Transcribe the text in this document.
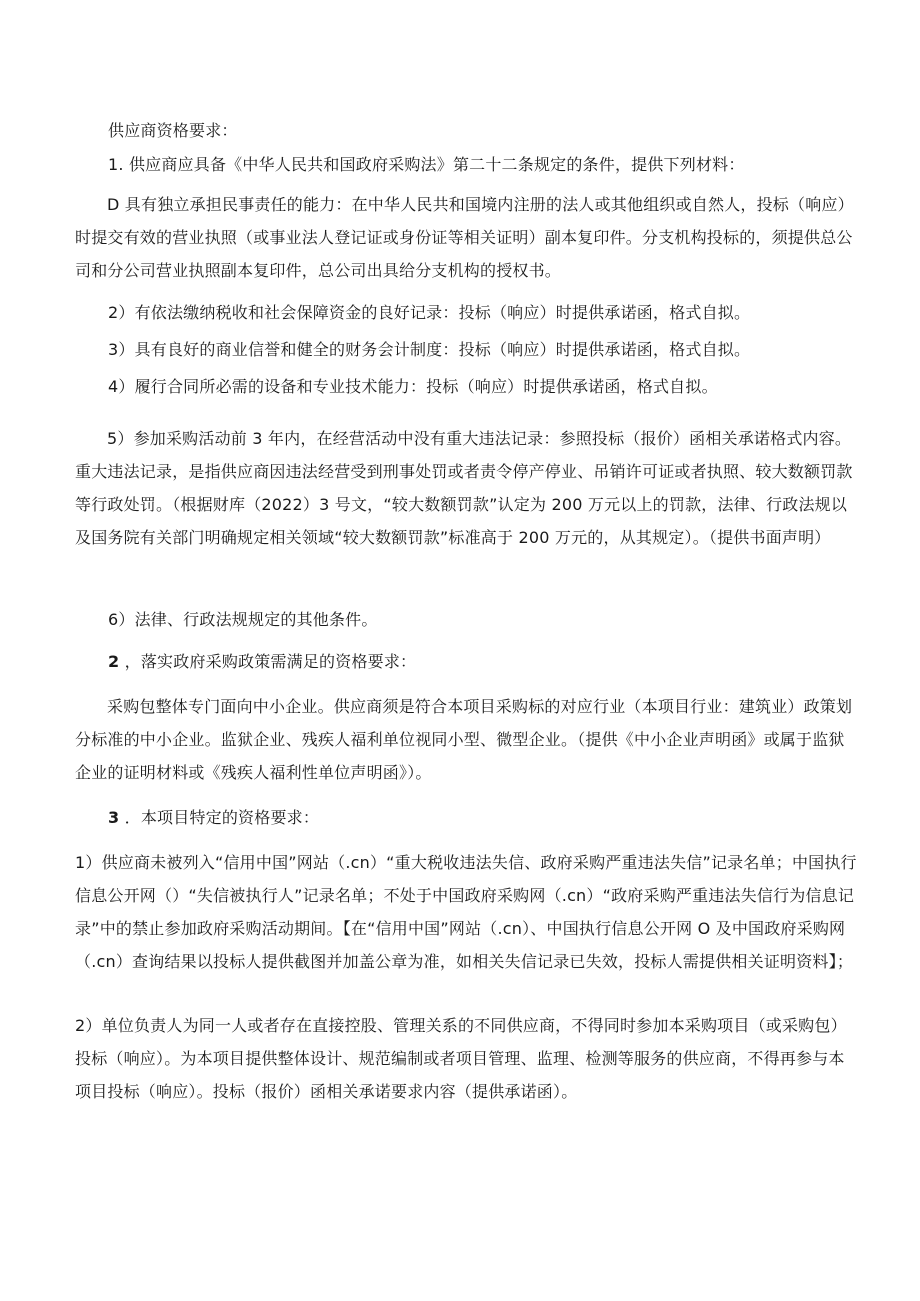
供应商资格要求：
1. 供应商应具备《中华人民共和国政府采购法》第二十二条规定的条件，提供下列材料：
D 具有独立承担民事责任的能力：在中华人民共和国境内注册的法人或其他组织或自然人，投标（响应）时提交有效的营业执照（或事业法人登记证或身份证等相关证明）副本复印件。分支机构投标的，须提供总公司和分公司营业执照副本复印件，总公司出具给分支机构的授权书。
2）有依法缴纳税收和社会保障资金的良好记录：投标（响应）时提供承诺函，格式自拟。
3）具有良好的商业信誉和健全的财务会计制度：投标（响应）时提供承诺函，格式自拟。
4）履行合同所必需的设备和专业技术能力：投标（响应）时提供承诺函，格式自拟。
5）参加采购活动前 3 年内，在经营活动中没有重大违法记录：参照投标（报价）函相关承诺格式内容。重大违法记录，是指供应商因违法经营受到刑事处罚或者责令停产停业、吊销许可证或者执照、较大数额罚款等行政处罚。（根据财库（2022）3 号文，“较大数额罚款”认定为 200 万元以上的罚款，法律、行政法规以及国务院有关部门明确规定相关领域“较大数额罚款”标准高于 200 万元的，从其规定）。（提供书面声明）
6）法律、行政法规规定的其他条件。
2 ，落实政府采购政策需满足的资格要求：
采购包整体专门面向中小企业。供应商须是符合本项目采购标的对应行业（本项目行业：建筑业）政策划分标准的中小企业。监狱企业、残疾人福利单位视同小型、微型企业。（提供《中小企业声明函》或属于监狱企业的证明材料或《残疾人福利性单位声明函》）。
3 ．本项目特定的资格要求：
1）供应商未被列入“信用中国”网站（.cn）“重大税收违法失信、政府采购严重违法失信”记录名单；中国执行信息公开网（）“失信被执行人”记录名单；不处于中国政府采购网（.cn）“政府采购严重违法失信行为信息记录”中的禁止参加政府采购活动期间。【在“信用中国”网站（.cn）、中国执行信息公开网 O 及中国政府采购网（.cn）查询结果以投标人提供截图并加盖公章为准，如相关失信记录已失效，投标人需提供相关证明资料】；
2）单位负责人为同一人或者存在直接控股、管理关系的不同供应商，不得同时参加本采购项目（或采购包）投标（响应）。为本项目提供整体设计、规范编制或者项目管理、监理、检测等服务的供应商，不得再参与本项目投标（响应）。投标（报价）函相关承诺要求内容（提供承诺函）。
